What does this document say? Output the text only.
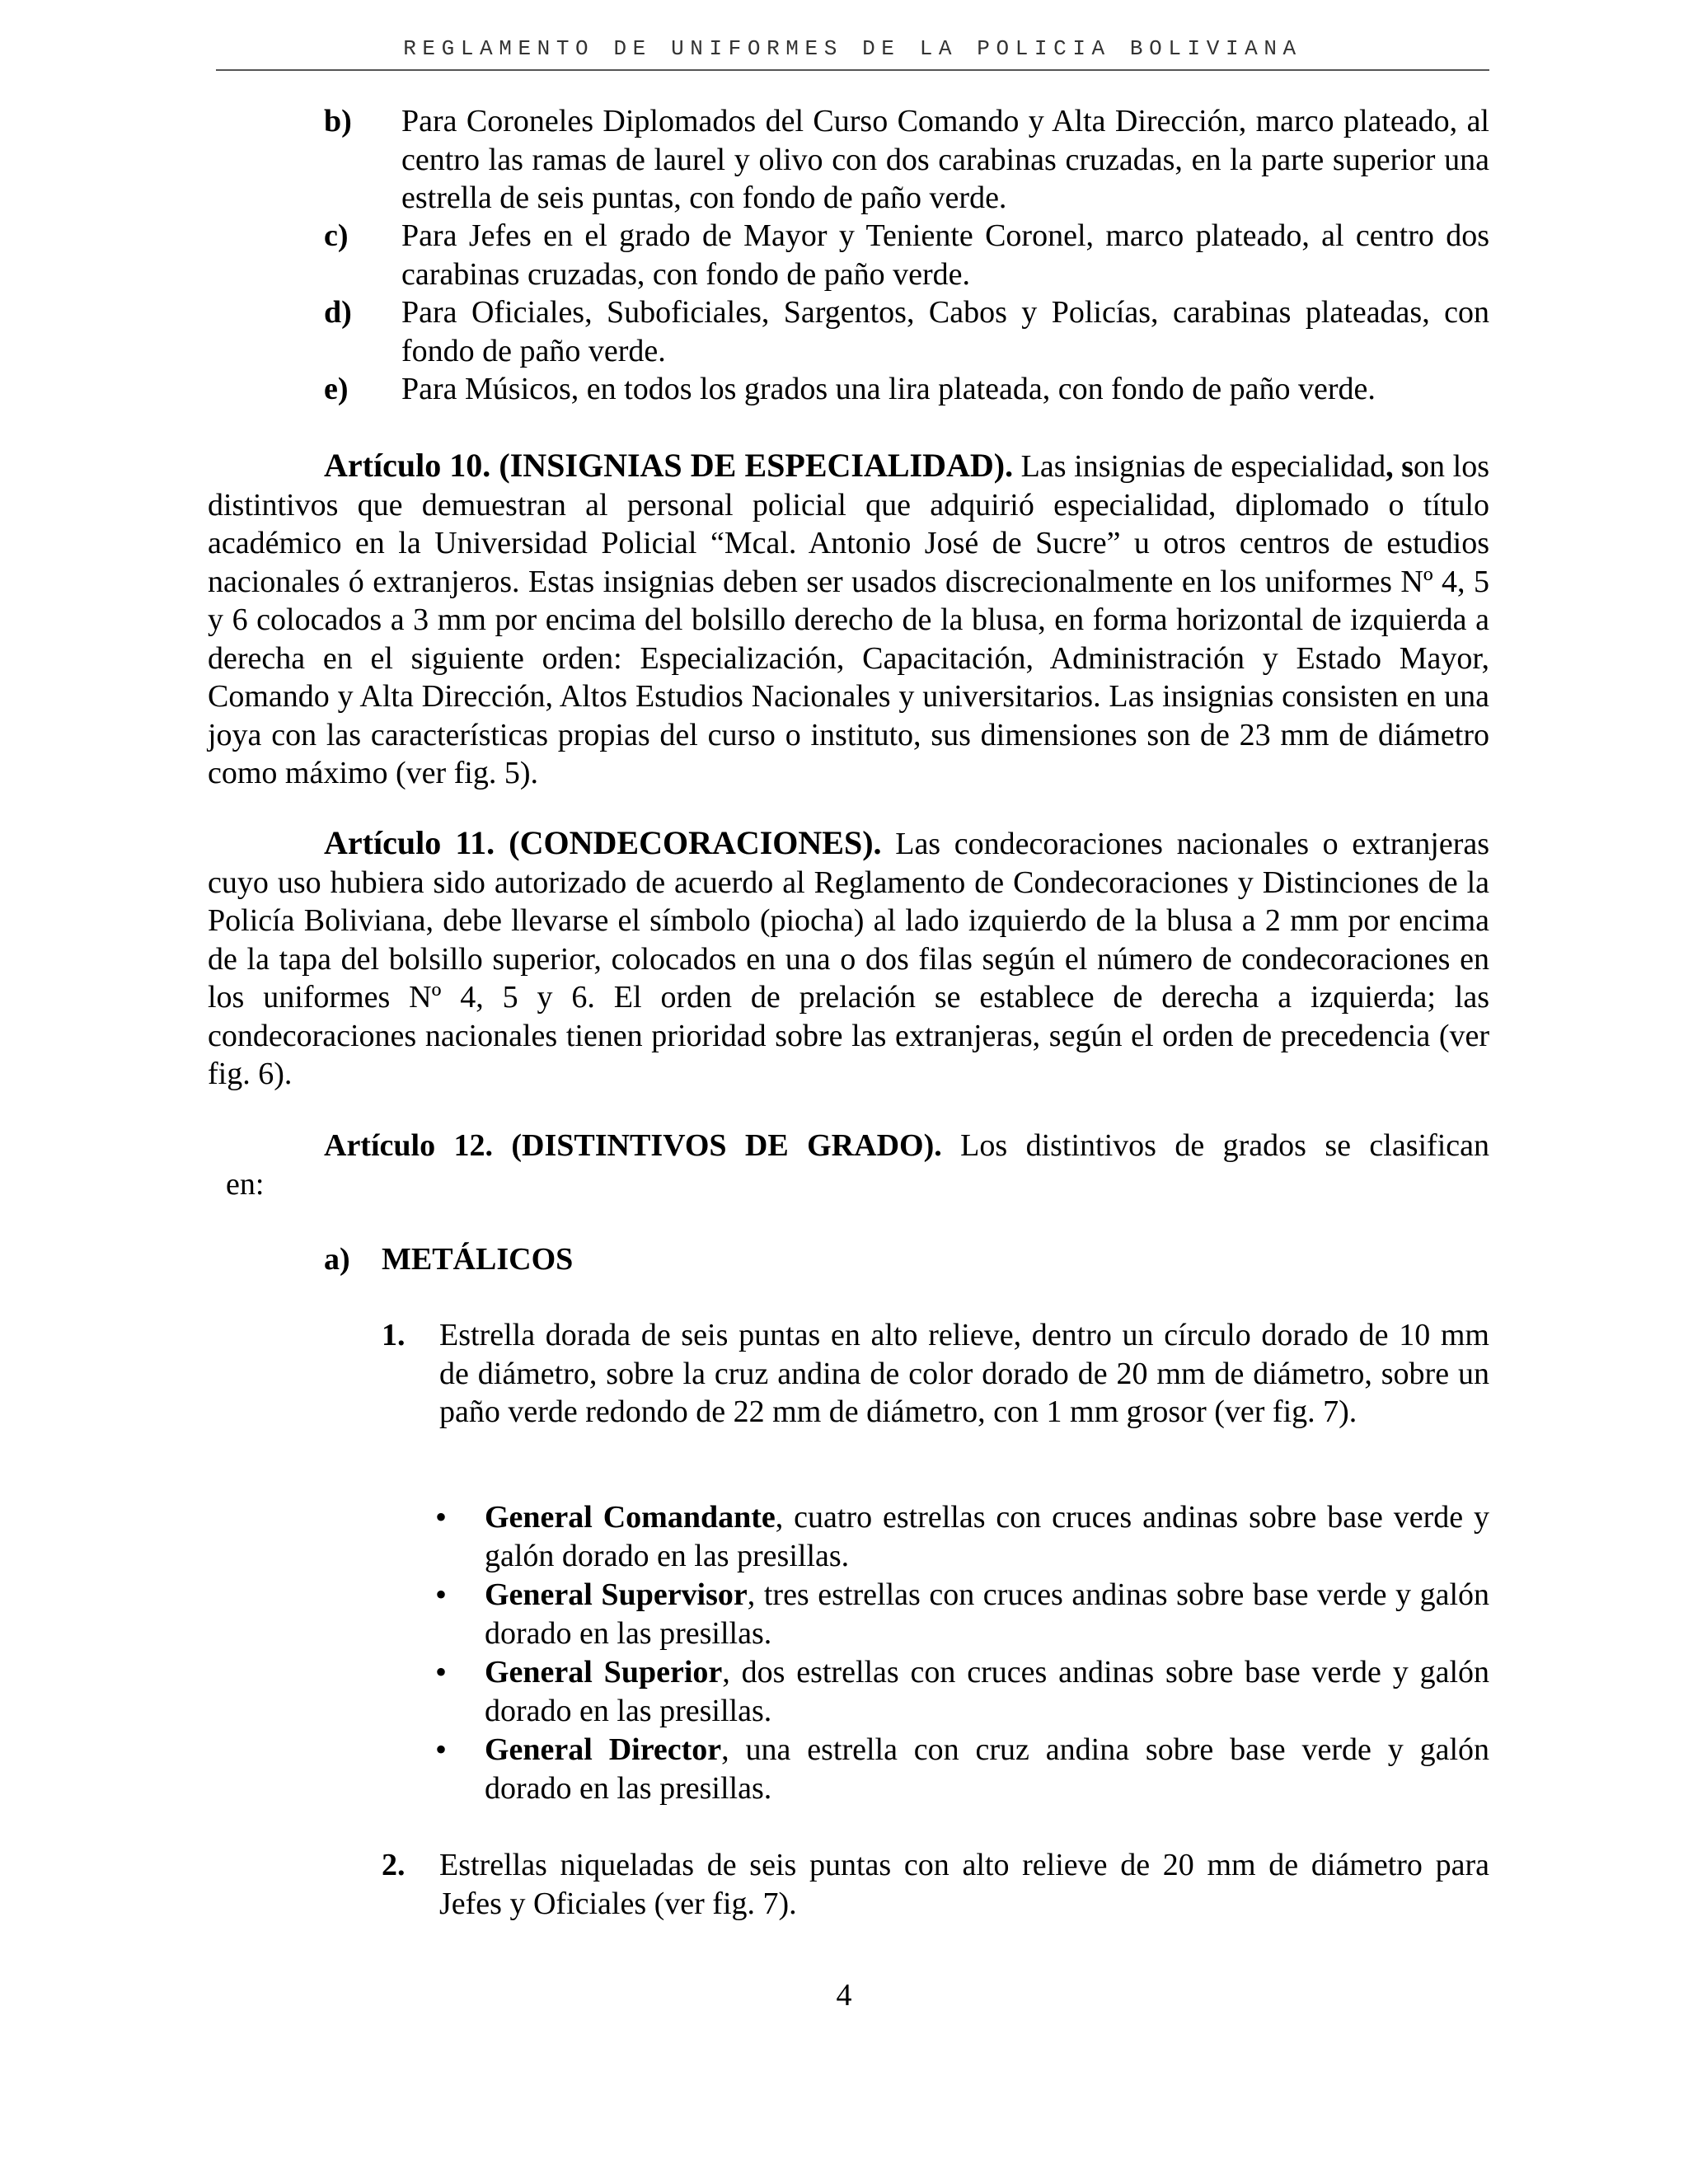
REGLAMENTO DE UNIFORMES DE LA POLICIA BOLIVIANA
b) Para Coroneles Diplomados del Curso Comando y Alta Dirección, marco plateado, al centro las ramas de laurel y olivo con dos carabinas cruzadas, en la parte superior una estrella de seis puntas, con fondo de paño verde.
c) Para Jefes en el grado de Mayor y Teniente Coronel, marco plateado, al centro dos carabinas cruzadas, con fondo de paño verde.
d) Para Oficiales, Suboficiales, Sargentos, Cabos y Policías, carabinas plateadas, con fondo de paño verde.
e) Para Músicos, en todos los grados una lira plateada, con fondo de paño verde.
Artículo 10. (INSIGNIAS DE ESPECIALIDAD). Las insignias de especialidad, son los distintivos que demuestran al personal policial que adquirió especialidad, diplomado o título académico en la Universidad Policial “Mcal. Antonio José de Sucre” u otros centros de estudios nacionales ó extranjeros. Estas insignias deben ser usados discrecionalmente en los uniformes Nº 4, 5 y 6 colocados a 3 mm por encima del bolsillo derecho de la blusa, en forma horizontal de izquierda a derecha en el siguiente orden: Especialización, Capacitación, Administración y Estado Mayor, Comando y Alta Dirección, Altos Estudios Nacionales y universitarios. Las insignias consisten en una joya con las características propias del curso o instituto, sus dimensiones son de 23 mm de diámetro como máximo (ver fig. 5).
Artículo 11. (CONDECORACIONES). Las condecoraciones nacionales o extranjeras cuyo uso hubiera sido autorizado de acuerdo al Reglamento de Condecoraciones y Distinciones de la Policía Boliviana, debe llevarse el símbolo (piocha) al lado izquierdo de la blusa a 2 mm por encima de la tapa del bolsillo superior, colocados en una o dos filas según el número de condecoraciones en los uniformes Nº 4, 5 y 6. El orden de prelación se establece de derecha a izquierda; las condecoraciones nacionales tienen prioridad sobre las extranjeras, según el orden de precedencia (ver fig. 6).
Artículo 12. (DISTINTIVOS DE GRADO). Los distintivos de grados se clasifican
en:
a) METÁLICOS
1. Estrella dorada de seis puntas en alto relieve, dentro un círculo dorado de 10 mm de diámetro, sobre la cruz andina de color dorado de 20 mm de diámetro, sobre un paño verde redondo de 22 mm de diámetro, con 1 mm grosor (ver fig. 7).
• General Comandante, cuatro estrellas con cruces andinas sobre base verde y galón dorado en las presillas.
• General Supervisor, tres estrellas con cruces andinas sobre base verde y galón dorado en las presillas.
• General Superior, dos estrellas con cruces andinas sobre base verde y galón dorado en las presillas.
• General Director, una estrella con cruz andina sobre base verde y galón dorado en las presillas.
2. Estrellas niqueladas de seis puntas con alto relieve de 20 mm de diámetro para Jefes y Oficiales (ver fig. 7).
4
